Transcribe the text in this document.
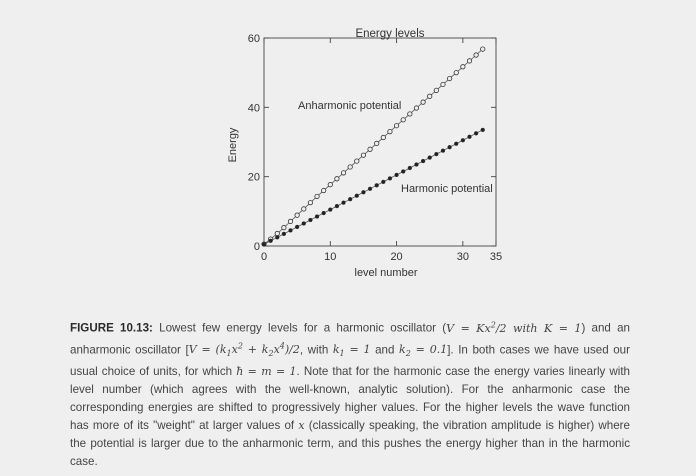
0	10	20	30 35
0
20
40
60	Energy levels
level number
Energy
Anharmonic potential
Harmonic potential
FIGURE 10.13: Lowest few energy levels for a harmonic oscillator ($V = Kx^2/2$ with K = 1) and an anharmonic oscillator [$V = (k_1x^2 + k_2x^4)/2$, with $k_1 = 1$ and $k_2 = 0.1$]. In both cases we have used our usual choice of units, for which ħ = m = 1. Note that for the harmonic case the energy varies linearly with level number (which agrees with the well-known, analytic solution). For the anharmonic case the corresponding energies are shifted to progressively higher values. For the higher levels the wave function has more of its "weight" at larger values of x (classically speaking, the vibration amplitude is higher) where the potential is larger due to the anharmonic term, and this pushes the energy higher than in the harmonic case.
